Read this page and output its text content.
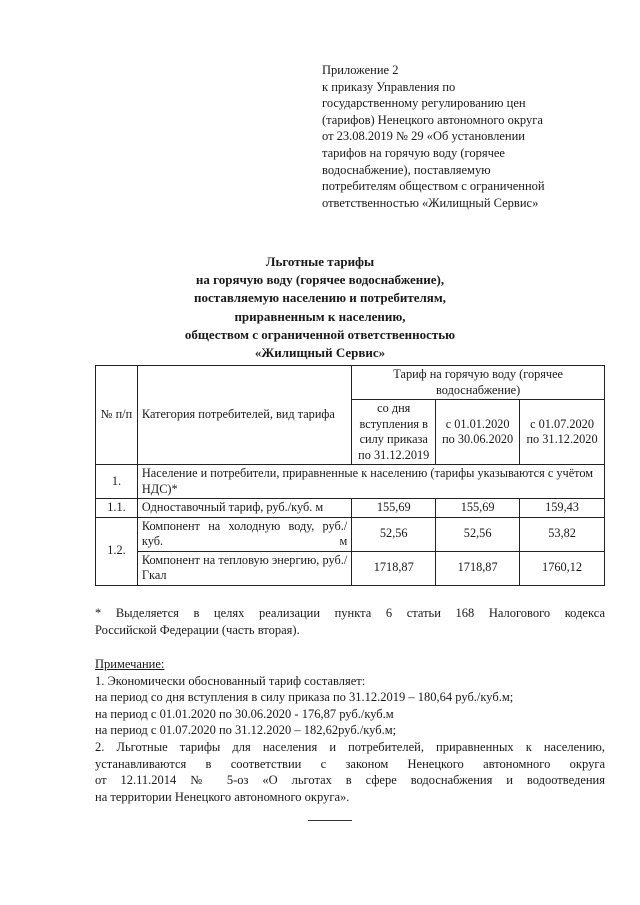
Приложение 2
к приказу Управления по
государственному регулированию цен
(тарифов) Ненецкого автономного округа
от 23.08.2019 № 29 «Об установлении
тарифов на горячую воду (горячее
водоснабжение), поставляемую
потребителям обществом с ограниченной
ответственностью «Жилищный Сервис»
Льготные тарифы
на горячую воду (горячее водоснабжение),
поставляемую населению и потребителям,
приравненным к населению,
обществом с ограниченной ответственностью
«Жилищный Сервис»
№ п/п	Категория потребителей, вид тарифа	Тариф на горячую воду (горячее водоснабжение)		
		со дня вступления в силу приказа по 31.12.2019	с 01.01.2020 по 30.06.2020	с 01.07.2020 по 31.12.2020
1.	Население и потребители, приравненные к населению (тарифы указываются с учётом НДС)*			
1.1.	Одноставочный тариф, руб./куб. м	155,69	155,69	159,43
1.2.	Компонент на холодную воду, руб./куб. м	52,56	52,56	53,82
	Компонент на тепловую энергию, руб./Гкал	1718,87	1718,87	1760,12
* Выделяется в целях реализации пункта 6 статьи 168 Налогового кодекса
Российской Федерации (часть вторая).
Примечание:
1. Экономически обоснованный тариф составляет:
на период со дня вступления в силу приказа по 31.12.2019 – 180,64 руб./куб.м;
на период с 01.01.2020 по 30.06.2020 - 176,87 руб./куб.м
на период с 01.07.2020 по 31.12.2020 – 182,62руб./куб.м;
2. Льготные тарифы для населения и потребителей, приравненных к населению,
устанавливаются в соответствии с законом Ненецкого автономного округа
от 12.11.2014 № 5-оз «О льготах в сфере водоснабжения и водоотведения
на территории Ненецкого автономного округа».
